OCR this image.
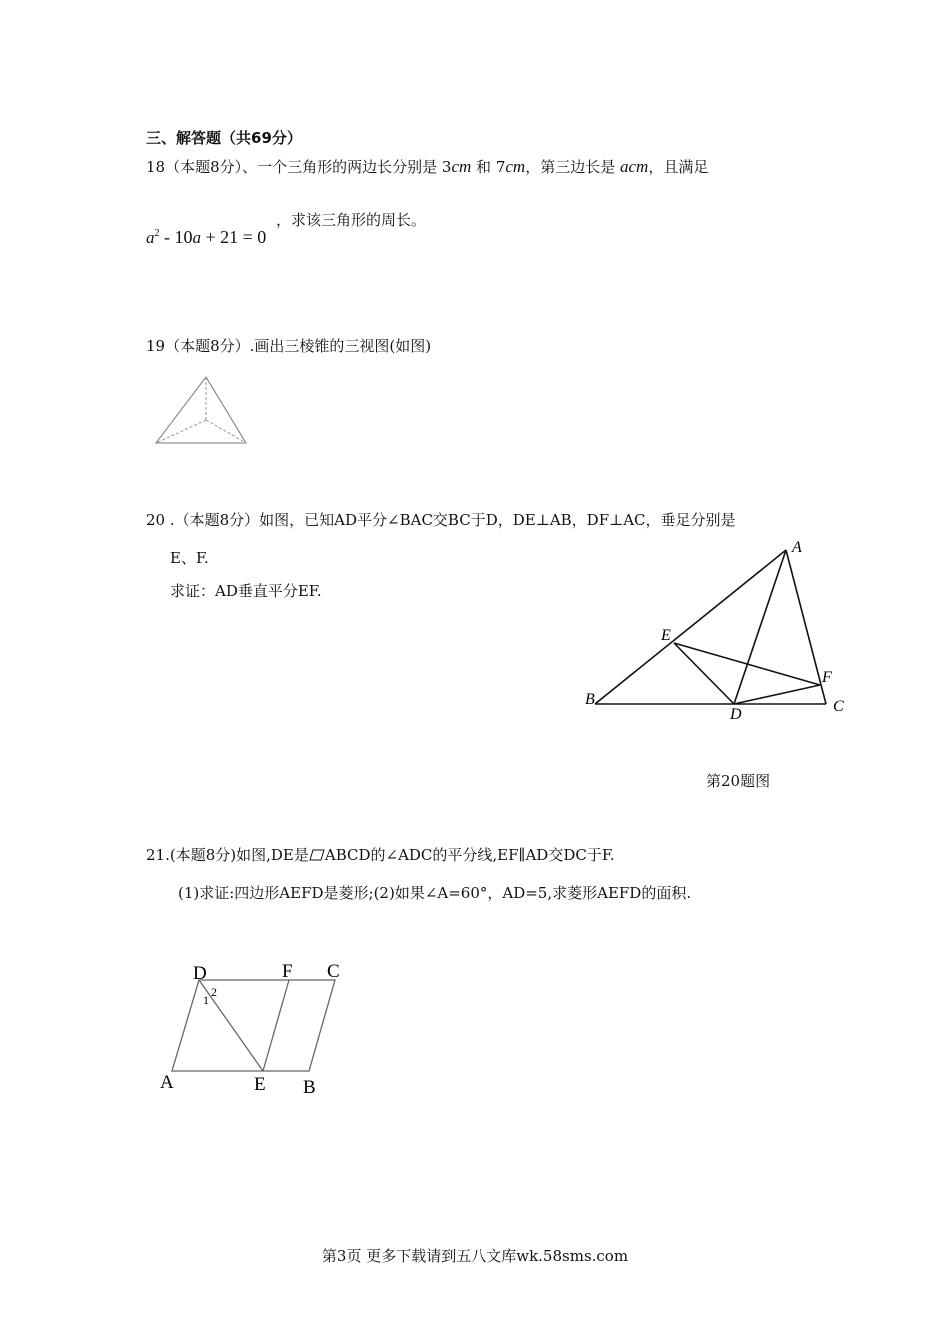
三、解答题（共69分）
18（本题8分）、一个三角形的两边长分别是 3cm 和 7cm，第三边长是 acm，且满足
$a^2 - 10a + 21 = 0$
，求该三角形的周长。
19（本题8分）.画出三棱锥的三视图(如图)
20 .（本题8分）如图，已知AD平分∠BAC交BC于D，DE⊥AB，DF⊥AC，垂足分别是
E、F.
求证：AD垂直平分EF.
A
B	C
D
E
F
第20题图
21.(本题8分)如图,DE是 ABCD的∠ADC的平分线,EF∥AD交DC于F.
(1)求证:四边形AEFD是菱形;(2)如果∠A=60°，AD=5,求菱形AEFD的面积.
D	F C
A	E B
1
2
第3页 更多下载请到五八文库wk.58sms.com
